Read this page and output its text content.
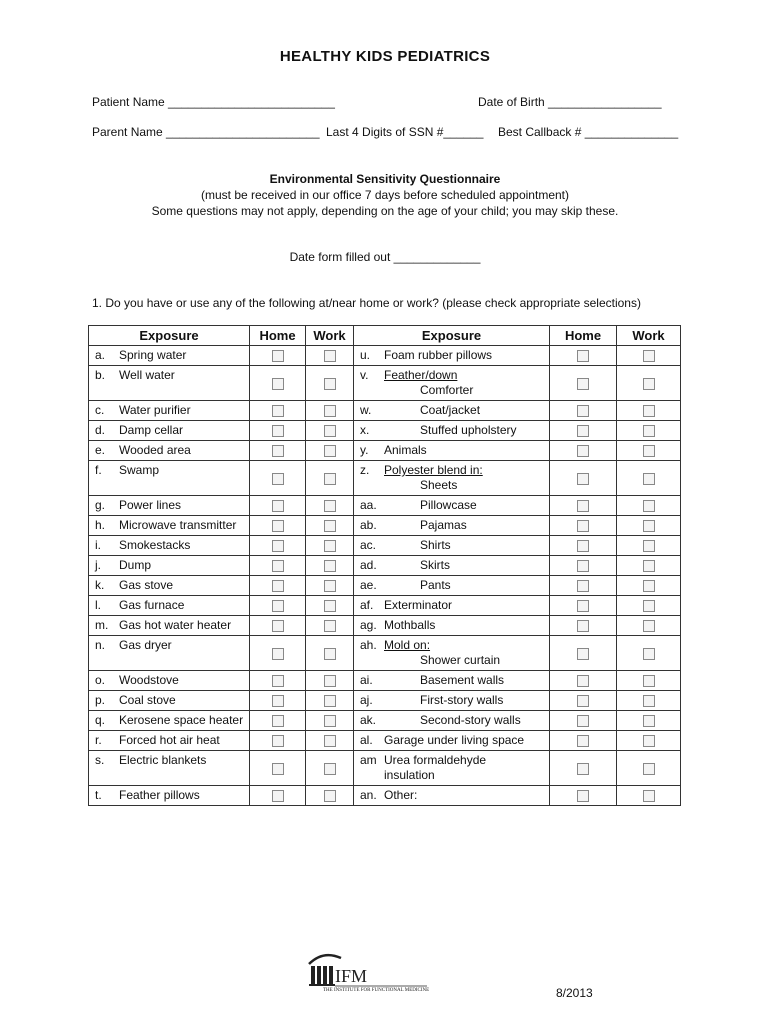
HEALTHY KIDS PEDIATRICS
Patient Name _________________________	Date of Birth _________________
Parent Name _______________________ Last 4 Digits of SSN #______ Best Callback # ______________
Environmental Sensitivity Questionnaire
(must be received in our office 7 days before scheduled appointment)
Some questions may not apply, depending on the age of your child; you may skip these.
Date form filled out _____________
1. Do you have or use any of the following at/near home or work? (please check appropriate selections)
Exposure	Home	Work	Exposure	Home	Work
a. Spring water			u. Foam rubber pillows		
b. Well water			v. Feather/down
Comforter		

c. Water purifier			w. Coat/jacket		
d. Damp cellar			x. Stuffed upholstery		
e. Wooded area			y. Animals		
f. Swamp			z. Polyester blend in:
Sheets		

g. Power lines			aa. Pillowcase		
h. Microwave transmitter			ab. Pajamas		
i. Smokestacks			ac. Shirts		
j. Dump			ad. Skirts		
k. Gas stove			ae. Pants		
l. Gas furnace			af. Exterminator		
m. Gas hot water heater			ag. Mothballs		
n. Gas dryer			ah. Mold on:
Shower curtain		

o. Woodstove			ai. Basement walls		
p. Coal stove			aj. First-story walls		
q. Kerosene space heater			ak. Second-story walls		
r. Forced hot air heat			al. Garage under living space		
s. Electric blankets			am Urea formaldehyde
insulation		

t. Feather pillows			an. Other:		
IFM
THE INSTITUTE FOR FUNCTIONAL MEDICINE	8/2013
